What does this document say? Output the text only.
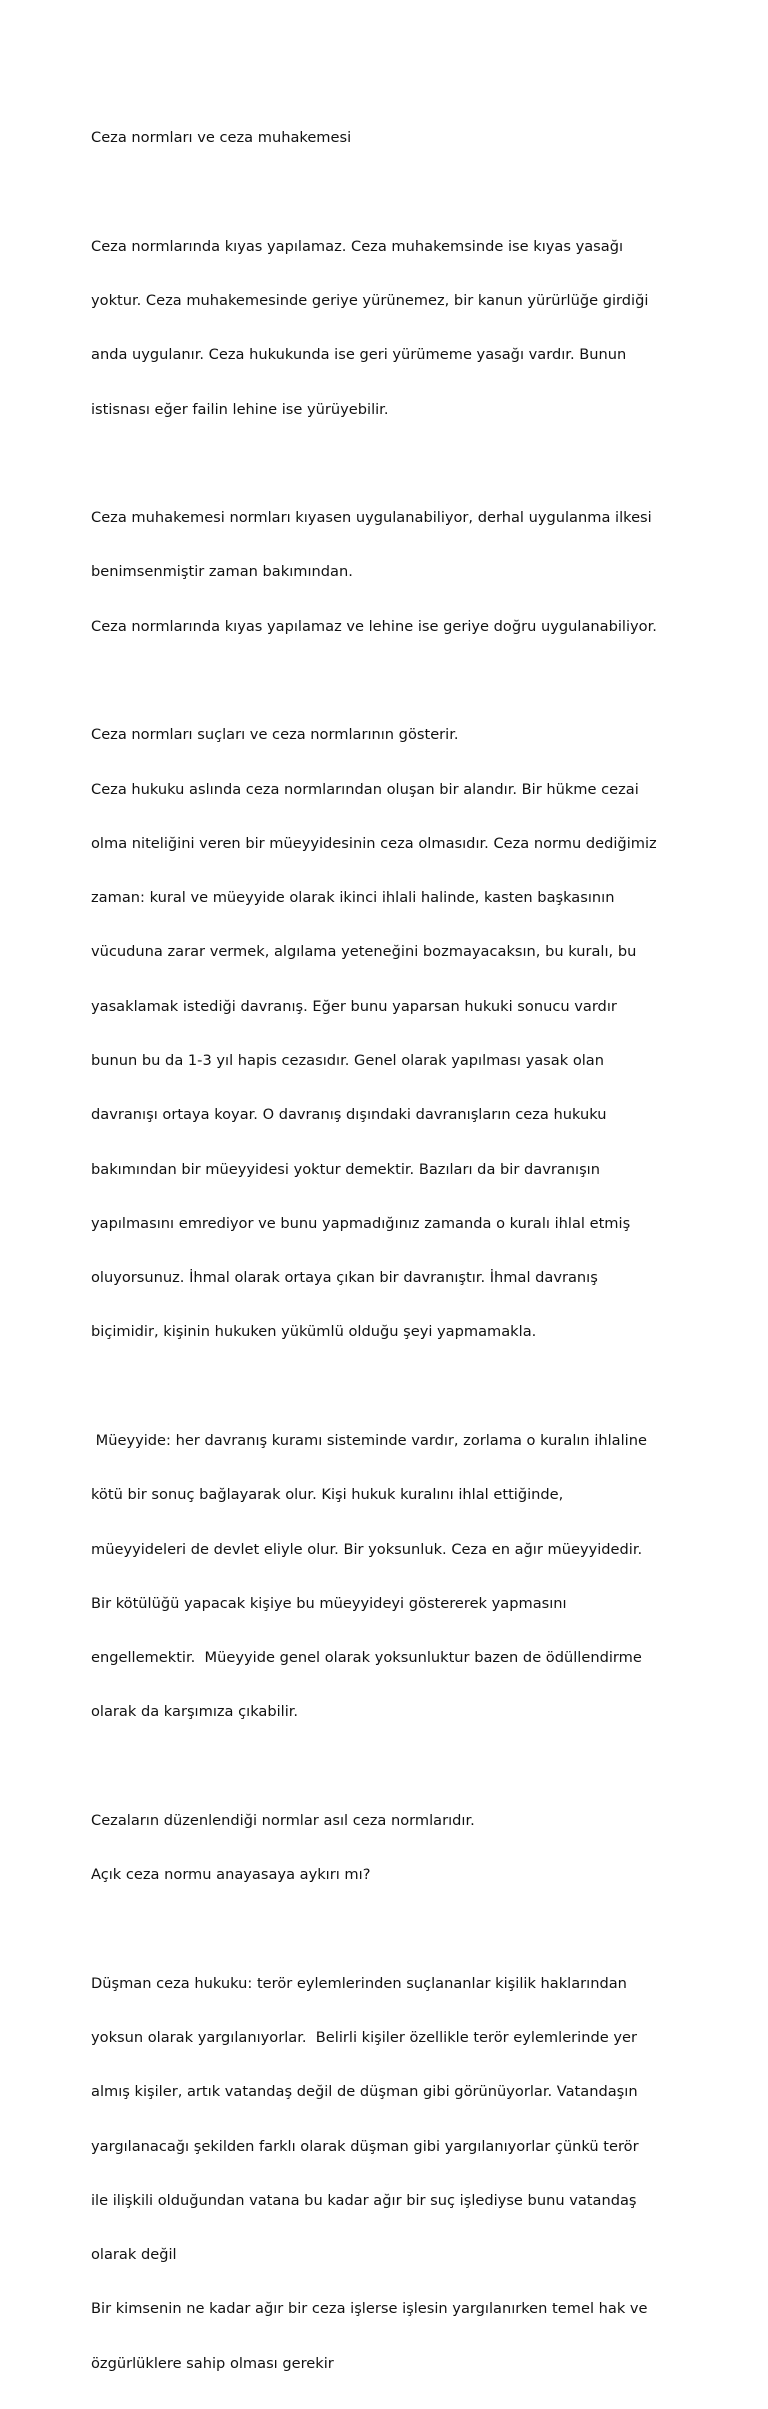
Ceza normları ve ceza muhakemesi

Ceza normlarında kıyas yapılamaz. Ceza muhakemsinde ise kıyas yasağı

yoktur. Ceza muhakemesinde geriye yürünemez, bir kanun yürürlüğe girdiği

anda uygulanır. Ceza hukukunda ise geri yürümeme yasağı vardır. Bunun

istisnası eğer failin lehine ise yürüyebilir.

Ceza muhakemesi normları kıyasen uygulanabiliyor, derhal uygulanma ilkesi

benimsenmiştir zaman bakımından.

Ceza normlarında kıyas yapılamaz ve lehine ise geriye doğru uygulanabiliyor.

Ceza normları suçları ve ceza normlarının gösterir.

Ceza hukuku aslında ceza normlarından oluşan bir alandır. Bir hükme cezai

olma niteliğini veren bir müeyyidesinin ceza olmasıdır. Ceza normu dediğimiz

zaman: kural ve müeyyide olarak ikinci ihlali halinde, kasten başkasının

vücuduna zarar vermek, algılama yeteneğini bozmayacaksın, bu kuralı, bu

yasaklamak istediği davranış. Eğer bunu yaparsan hukuki sonucu vardır

bunun bu da 1-3 yıl hapis cezasıdır. Genel olarak yapılması yasak olan

davranışı ortaya koyar. O davranış dışındaki davranışların ceza hukuku

bakımından bir müeyyidesi yoktur demektir. Bazıları da bir davranışın

yapılmasını emrediyor ve bunu yapmadığınız zamanda o kuralı ihlal etmiş

oluyorsunuz. İhmal olarak ortaya çıkan bir davranıştır. İhmal davranış

biçimidir, kişinin hukuken yükümlü olduğu şeyi yapmamakla.

Müeyyide: her davranış kuramı sisteminde vardır, zorlama o kuralın ihlaline

kötü bir sonuç bağlayarak olur. Kişi hukuk kuralını ihlal ettiğinde,

müeyyideleri de devlet eliyle olur. Bir yoksunluk. Ceza en ağır müeyyidedir.

Bir kötülüğü yapacak kişiye bu müeyyideyi göstererek yapmasını

engellemektir.  Müeyyide genel olarak yoksunluktur bazen de ödüllendirme

olarak da karşımıza çıkabilir.

Cezaların düzenlendiği normlar asıl ceza normlarıdır.

Açık ceza normu anayasaya aykırı mı?

Düşman ceza hukuku: terör eylemlerinden suçlananlar kişilik haklarından

yoksun olarak yargılanıyorlar.  Belirli kişiler özellikle terör eylemlerinde yer

almış kişiler, artık vatandaş değil de düşman gibi görünüyorlar. Vatandaşın

yargılanacağı şekilden farklı olarak düşman gibi yargılanıyorlar çünkü terör

ile ilişkili olduğundan vatana bu kadar ağır bir suç işlediyse bunu vatandaş

olarak değil

Bir kimsenin ne kadar ağır bir ceza işlerse işlesin yargılanırken temel hak ve

özgürlüklere sahip olması gerekir
